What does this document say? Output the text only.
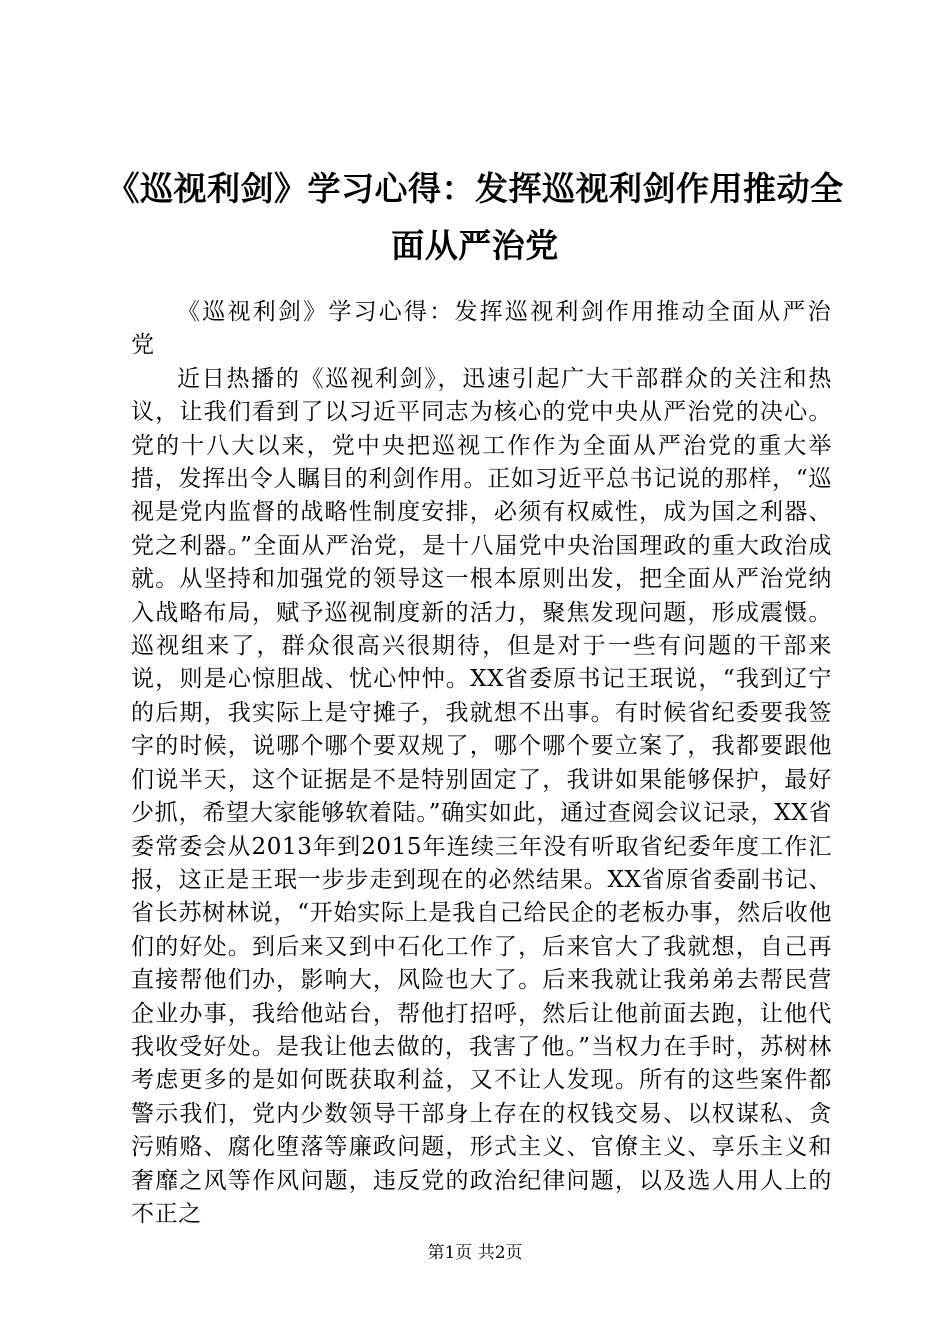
《巡视利剑》学习心得：发挥巡视利剑作用推动全面从严治党

《巡视利剑》学习心得：发挥巡视利剑作用推动全面从严治党

近日热播的《巡视利剑》，迅速引起广大干部群众的关注和热议，让我们看到了以习近平同志为核心的党中央从严治党的决心。党的十八大以来，党中央把巡视工作作为全面从严治党的重大举措，发挥出令人瞩目的利剑作用。正如习近平总书记说的那样，“巡视是党内监督的战略性制度安排，必须有权威性，成为国之利器、党之利器。”全面从严治党，是十八届党中央治国理政的重大政治成就。从坚持和加强党的领导这一根本原则出发，把全面从严治党纳入战略布局，赋予巡视制度新的活力，聚焦发现问题，形成震慑。巡视组来了，群众很高兴很期待，但是对于一些有问题的干部来说，则是心惊胆战、忧心忡忡。XX省委原书记王珉说，“我到辽宁的后期，我实际上是守摊子，我就想不出事。有时候省纪委要我签字的时候，说哪个哪个要双规了，哪个哪个要立案了，我都要跟他们说半天，这个证据是不是特别固定了，我讲如果能够保护，最好少抓，希望大家能够软着陆。”确实如此，通过查阅会议记录，XX省委常委会从2013年到2015年连续三年没有听取省纪委年度工作汇报，这正是王珉一步步走到现在的必然结果。XX省原省委副书记、省长苏树林说，“开始实际上是我自己给民企的老板办事，然后收他们的好处。到后来又到中石化工作了，后来官大了我就想，自己再直接帮他们办，影响大，风险也大了。后来我就让我弟弟去帮民营企业办事，我给他站台，帮他打招呼，然后让他前面去跑，让他代我收受好处。是我让他去做的，我害了他。”当权力在手时，苏树林考虑更多的是如何既获取利益，又不让人发现。所有的这些案件都警示我们，党内少数领导干部身上存在的权钱交易、以权谋私、贪污贿赂、腐化堕落等廉政问题，形式主义、官僚主义、享乐主义和奢靡之风等作风问题，违反党的政治纪律问题，以及选人用人上的不正之

第1页 共2页
